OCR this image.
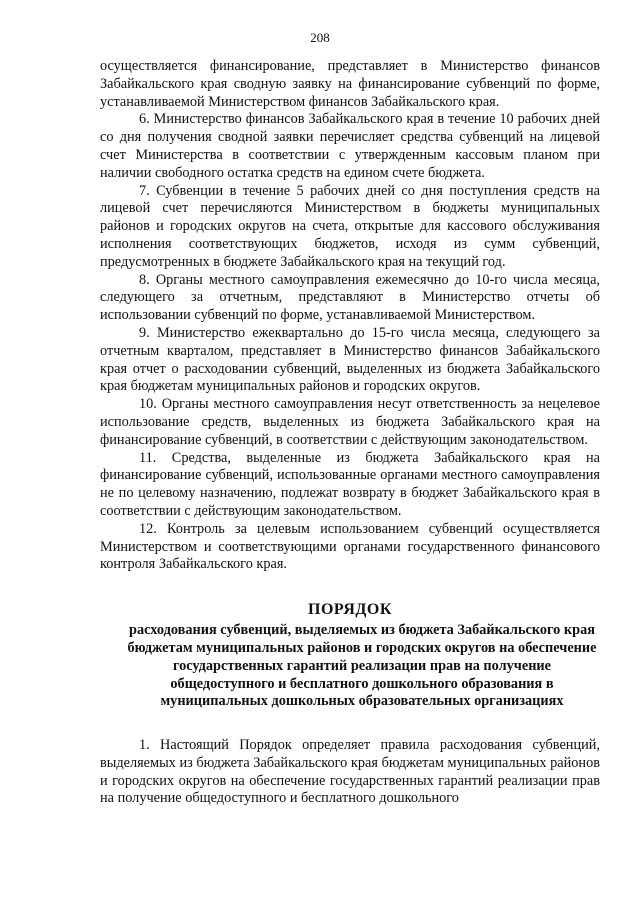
208

осуществляется финансирование, представляет в Министерство финансов Забайкальского края сводную заявку на финансирование субвенций по форме, устанавливаемой Министерством финансов Забайкальского края.

6. Министерство финансов Забайкальского края в течение 10 рабочих дней со дня получения сводной заявки перечисляет средства субвенций на лицевой счет Министерства в соответствии с утвержденным кассовым планом при наличии свободного остатка средств на едином счете бюджета.

7. Субвенции в течение 5 рабочих дней со дня поступления средств на лицевой счет перечисляются Министерством в бюджеты муниципальных районов и городских округов на счета, открытые для кассового обслуживания исполнения соответствующих бюджетов, исходя из сумм субвенций, предусмотренных в бюджете Забайкальского края на текущий год.

8. Органы местного самоуправления ежемесячно до 10-го числа месяца, следующего за отчетным, представляют в Министерство отчеты об использовании субвенций по форме, устанавливаемой Министерством.

9. Министерство ежеквартально до 15-го числа месяца, следующего за отчетным кварталом, представляет в Министерство финансов Забайкальского края отчет о расходовании субвенций, выделенных из бюджета Забайкальского края бюджетам муниципальных районов и городских округов.

10. Органы местного самоуправления несут ответственность за нецелевое использование средств, выделенных из бюджета Забайкальского края на финансирование субвенций, в соответствии с действующим законодательством.

11. Средства, выделенные из бюджета Забайкальского края на финансирование субвенций, использованные органами местного самоуправления не по целевому назначению, подлежат возврату в бюджет Забайкальского края в соответствии с действующим законодательством.

12. Контроль за целевым использованием субвенций осуществляется Министерством и соответствующими органами государственного финансового контроля Забайкальского края.

ПОРЯДОК

расходования субвенций, выделяемых из бюджета Забайкальского края бюджетам муниципальных районов и городских округов на обеспечение государственных гарантий реализации прав на получение общедоступного и бесплатного дошкольного образования в муниципальных дошкольных образовательных организациях

1. Настоящий Порядок определяет правила расходования субвенций, выделяемых из бюджета Забайкальского края бюджетам муниципальных районов и городских округов на обеспечение государственных гарантий реализации прав на получение общедоступного и бесплатного дошкольного
